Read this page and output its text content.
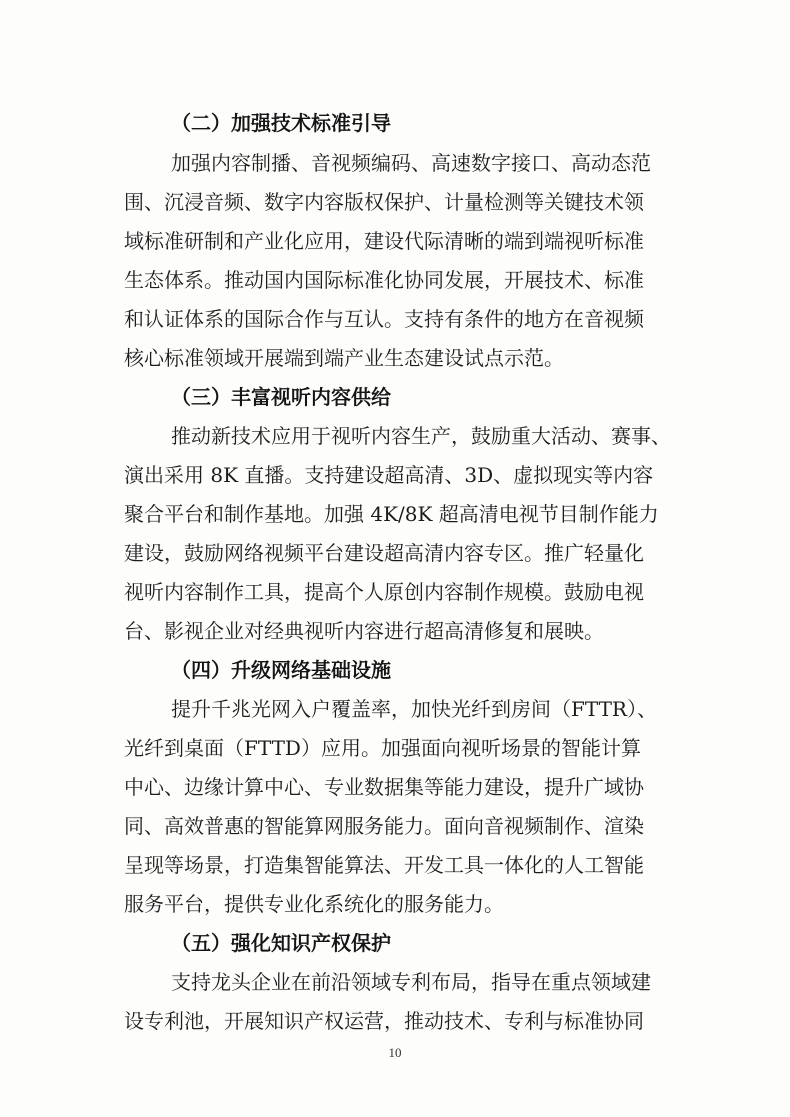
（二）加强技术标准引导
加强内容制播、音视频编码、高速数字接口、高动态范
围、沉浸音频、数字内容版权保护、计量检测等关键技术领
域标准研制和产业化应用，建设代际清晰的端到端视听标准
生态体系。推动国内国际标准化协同发展，开展技术、标准
和认证体系的国际合作与互认。支持有条件的地方在音视频
核心标准领域开展端到端产业生态建设试点示范。
（三）丰富视听内容供给
推动新技术应用于视听内容生产，鼓励重大活动、赛事、
演出采用 8K 直播。支持建设超高清、3D、虚拟现实等内容
聚合平台和制作基地。加强 4K/8K 超高清电视节目制作能力
建设，鼓励网络视频平台建设超高清内容专区。推广轻量化
视听内容制作工具，提高个人原创内容制作规模。鼓励电视
台、影视企业对经典视听内容进行超高清修复和展映。
（四）升级网络基础设施
提升千兆光网入户覆盖率，加快光纤到房间（FTTR）、
光纤到桌面（FTTD）应用。加强面向视听场景的智能计算
中心、边缘计算中心、专业数据集等能力建设，提升广域协
同、高效普惠的智能算网服务能力。面向音视频制作、渲染
呈现等场景，打造集智能算法、开发工具一体化的人工智能
服务平台，提供专业化系统化的服务能力。
（五）强化知识产权保护
支持龙头企业在前沿领域专利布局，指导在重点领域建
设专利池，开展知识产权运营，推动技术、专利与标准协同
10
